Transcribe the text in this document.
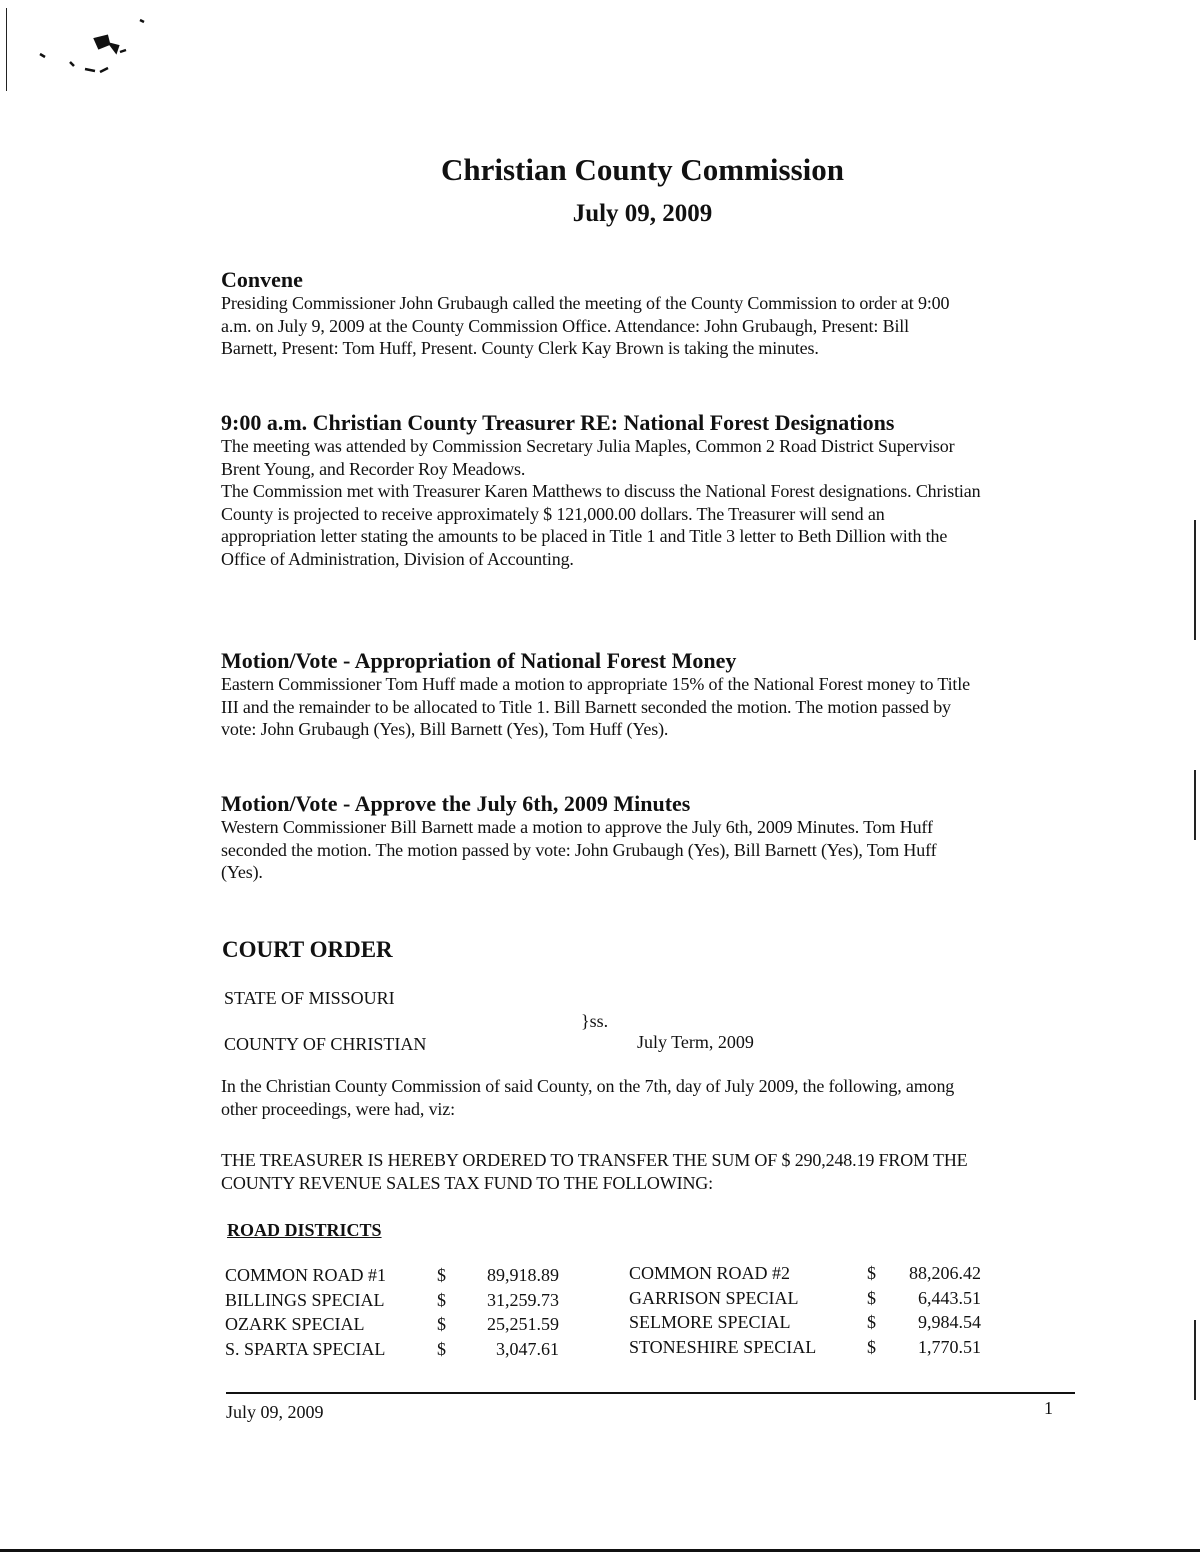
Christian County Commission
July 09, 2009
Convene

Presiding Commissioner John Grubaugh called the meeting of the County Commission to order at 9:00

a.m. on July 9, 2009 at the County Commission Office. Attendance: John Grubaugh, Present: Bill

Barnett, Present: Tom Huff, Present. County Clerk Kay Brown is taking the minutes.

9:00 a.m. Christian County Treasurer RE: National Forest Designations

The meeting was attended by Commission Secretary Julia Maples, Common 2 Road District Supervisor

Brent Young, and Recorder Roy Meadows.

The Commission met with Treasurer Karen Matthews to discuss the National Forest designations. Christian

County is projected to receive approximately $ 121,000.00 dollars. The Treasurer will send an

appropriation letter stating the amounts to be placed in Title 1 and Title 3 letter to Beth Dillion with the

Office of Administration, Division of Accounting.

Motion/Vote - Appropriation of National Forest Money

Eastern Commissioner Tom Huff made a motion to appropriate 15% of the National Forest money to Title

III and the remainder to be allocated to Title 1. Bill Barnett seconded the motion. The motion passed by

vote: John Grubaugh (Yes), Bill Barnett (Yes), Tom Huff (Yes).

Motion/Vote - Approve the July 6th, 2009 Minutes

Western Commissioner Bill Barnett made a motion to approve the July 6th, 2009 Minutes. Tom Huff

seconded the motion. The motion passed by vote: John Grubaugh (Yes), Bill Barnett (Yes), Tom Huff

(Yes).

COURT ORDER
STATE OF MISSOURI
}ss.
COUNTY OF CHRISTIAN	July Term, 2009

In the Christian County Commission of said County, on the 7th, day of July 2009, the following, among

other proceedings, were had, viz:

THE TREASURER IS HEREBY ORDERED TO TRANSFER THE SUM OF $ 290,248.19 FROM THE

COUNTY REVENUE SALES TAX FUND TO THE FOLLOWING:

ROAD DISTRICTS
COMMON ROAD #1	$	89,918.89
BILLINGS SPECIAL	$	31,259.73
OZARK SPECIAL	$	25,251.59
S. SPARTA SPECIAL	$	3,047.61
COMMON ROAD #2	$	88,206.42
GARRISON SPECIAL	$	6,443.51
SELMORE SPECIAL	$	9,984.54
STONESHIRE SPECIAL	$	1,770.51
July 09, 2009	1
